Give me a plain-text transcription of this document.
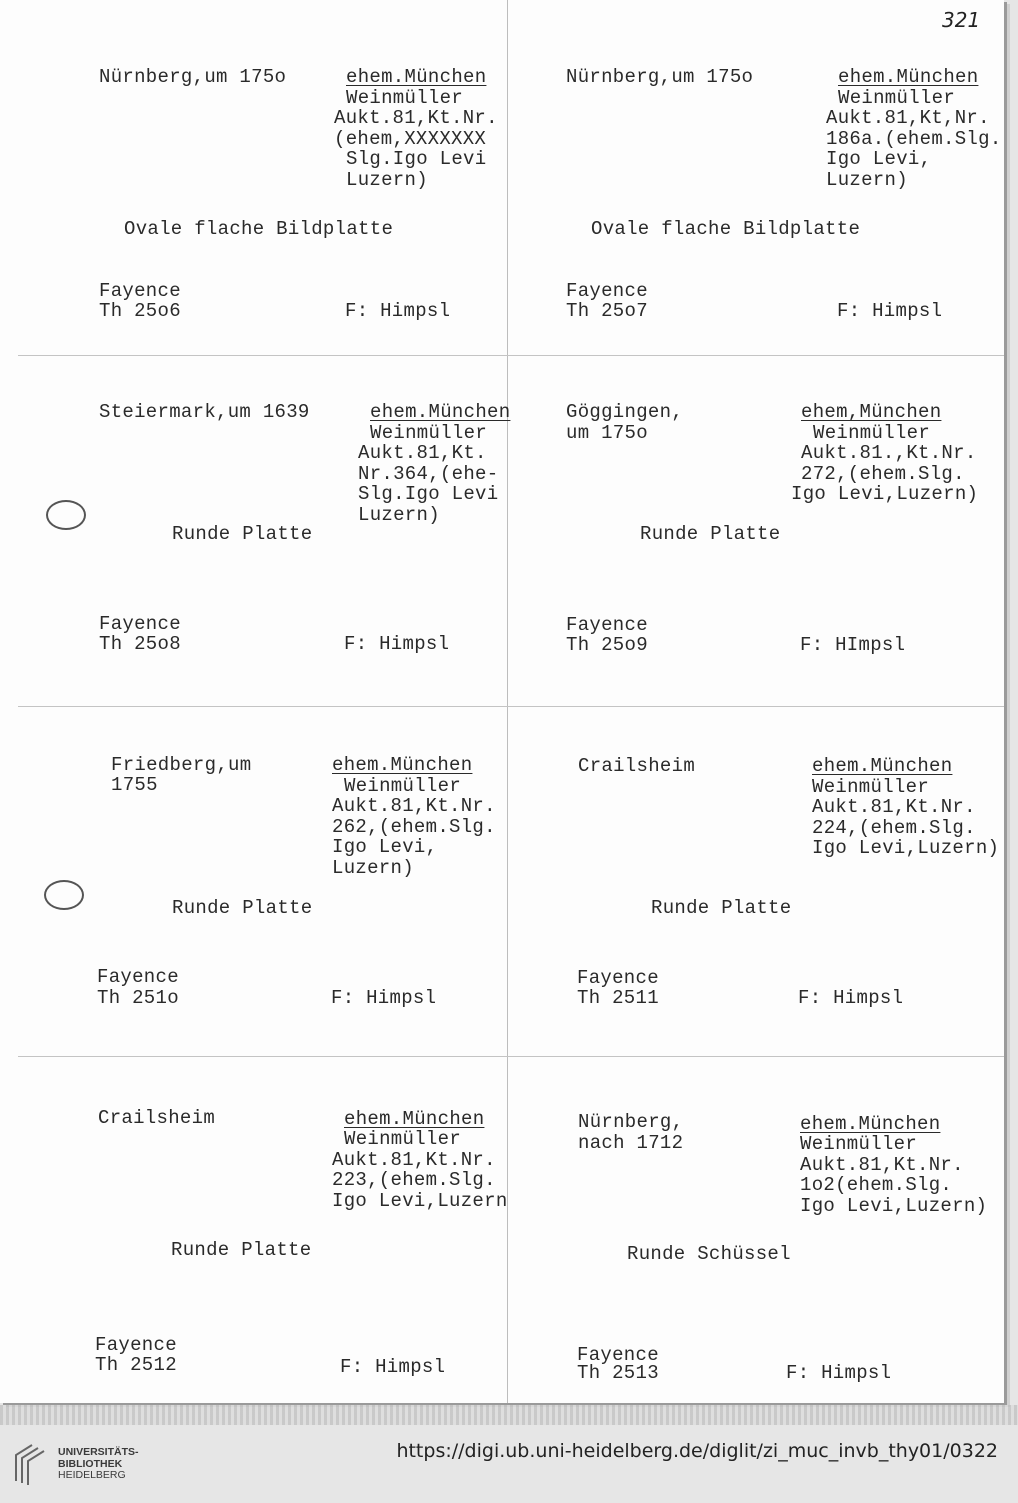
321
Nürnberg,um 175o	ehem.München
Weinmüller
Aukt.81,Kt.Nr.
(ehem,XXXXXXX
Slg.Igo Levi
Luzern)
Ovale flache Bildplatte
Fayence
Th 25o6	F: Himpsl
Nürnberg,um 175o	ehem.München
Weinmüller
Aukt.81,Kt,Nr.
186a.(ehem.Slg.
Igo Levi,
Luzern)
Ovale flache Bildplatte
Fayence
Th 25o7	F: Himpsl
Steiermark,um 1639	ehem.München
Weinmüller
Aukt.81,Kt.
Nr.364,(ehe-
Slg.Igo Levi
Luzern)
Runde Platte
Fayence
Th 25o8	F: Himpsl
Göggingen,
um 175o
ehem,München
Weinmüller
Aukt.81.,Kt.Nr.
272,(ehem.Slg.
Igo Levi,Luzern)
Runde Platte
Fayence
Th 25o9	F: HImpsl
Friedberg,um
1755
ehem.München
Weinmüller
Aukt.81,Kt.Nr.
262,(ehem.Slg.
Igo Levi,
Luzern)
Runde Platte
Fayence
Th 251o	F: Himpsl
Crailsheim	ehem.München
Weinmüller
Aukt.81,Kt.Nr.
224,(ehem.Slg.
Igo Levi,Luzern)
Runde Platte
Fayence
Th 2511	F: Himpsl
Crailsheim	ehem.München
Weinmüller
Aukt.81,Kt.Nr.
223,(ehem.Slg.
Igo Levi,Luzern
Runde Platte
Fayence
Th 2512	F: Himpsl
Nürnberg,
nach 1712
ehem.München
Weinmüller
Aukt.81,Kt.Nr.
1o2(ehem.Slg.
Igo Levi,Luzern)
Runde Schüssel
Fayence
Th 2513	F: Himpsl
UNIVERSITÄTS-
BIBLIOTHEK
HEIDELBERG
https://digi.ub.uni-heidelberg.de/diglit/zi_muc_invb_thy01/0322
